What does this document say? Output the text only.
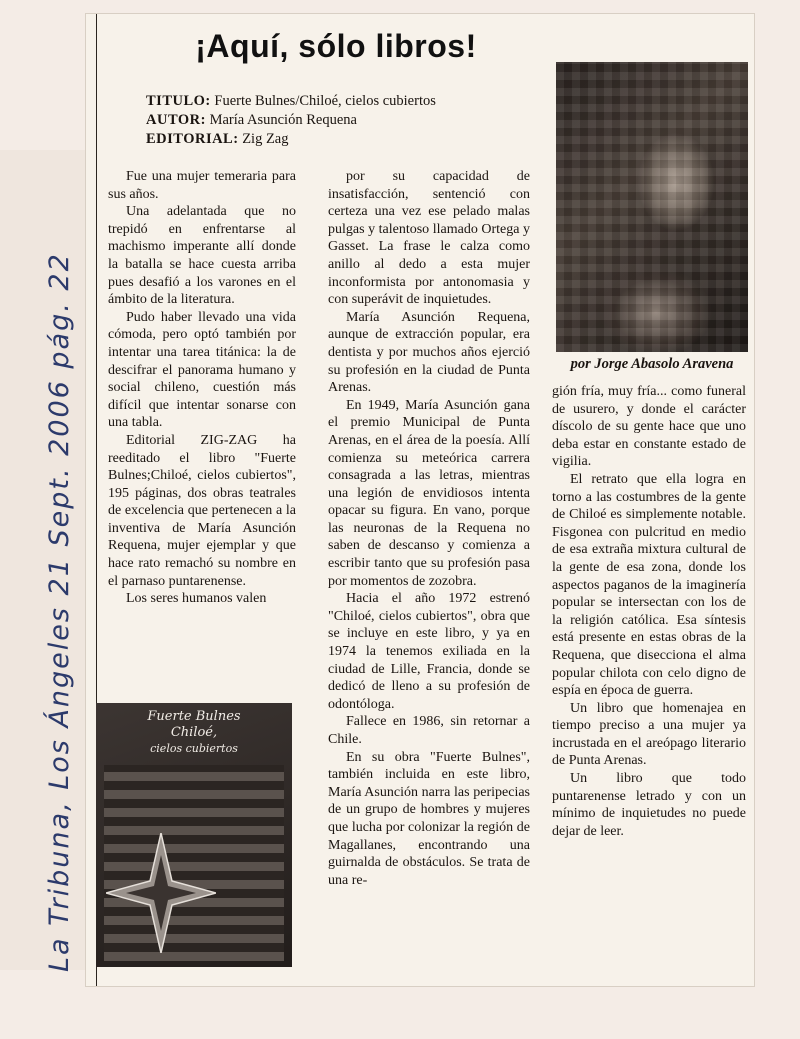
La Tribuna, Los Ángeles 21 Sept. 2006 pág. 22
¡Aquí, sólo libros!
TITULO: Fuerte Bulnes/Chiloé, cielos cubiertos
AUTOR: María Asunción Requena
EDITORIAL: Zig Zag

Fue una mujer temeraria para sus años.

Una adelantada que no trepidó en enfrentarse al machismo imperante allí donde la batalla se hace cuesta arriba pues desafió a los varones en el ámbito de la literatura.

Pudo haber llevado una vida cómoda, pero optó también por intentar una tarea titánica: la de descifrar el panorama humano y social chileno, cuestión más difícil que intentar sonarse con una tabla.

Editorial ZIG-ZAG ha reeditado el libro "Fuerte Bulnes;Chiloé, cielos cubiertos", 195 páginas, dos obras teatrales de excelencia que pertenecen a la inventiva de María Asunción Requena, mujer ejemplar y que hace rato remachó su nombre en el parnaso puntarenense.

Los seres humanos valen

por su capacidad de insatisfacción, sentenció con certeza una vez ese pelado malas pulgas y talentoso llamado Ortega y Gasset. La frase le calza como anillo al dedo a esta mujer inconformista por antonomasia y con superávit de inquietudes.

María Asunción Requena, aunque de extracción popular, era dentista y por muchos años ejerció su profesión en la ciudad de Punta Arenas.

En 1949, María Asunción gana el premio Municipal de Punta Arenas, en el área de la poesía. Allí comienza su meteórica carrera consagrada a las letras, mientras una legión de envidiosos intenta opacar su figura. En vano, porque las neuronas de la Requena no saben de descanso y comienza a escribir tanto que su profesión pasa por momentos de zozobra.

Hacia el año 1972 estrenó "Chiloé, cielos cubiertos", obra que se incluye en este libro, y ya en 1974 la tenemos exiliada en la ciudad de Lille, Francia, donde se dedicó de lleno a su profesión de odontóloga.

Fallece en 1986, sin retornar a Chile.

En su obra "Fuerte Bulnes", también incluida en este libro, María Asunción narra las peripecias de un grupo de hombres y mujeres que lucha por colonizar la región de Magallanes, encontrando una guirnalda de obstáculos. Se trata de una re-

por Jorge Abasolo Aravena

gión fría, muy fría... como funeral de usurero, y donde el carácter díscolo de su gente hace que uno deba estar en constante estado de vigilia.

El retrato que ella logra en torno a las costumbres de la gente de Chiloé es simplemente notable. Fisgonea con pulcritud en medio de esa extraña mixtura cultural de la gente de esa zona, donde los aspectos paganos de la imaginería popular se intersectan con los de la religión católica. Esa síntesis está presente en estas obras de la Requena, que disecciona el alma popular chilota con celo digno de espía en época de guerra.

Un libro que homenajea en tiempo preciso a una mujer ya incrustada en el areópago literario de Punta Arenas.

Un libro que todo puntarenense letrado y con un mínimo de inquietudes no puede dejar de leer.

Fuerte Bulnes
Chiloé,
cielos cubiertos
